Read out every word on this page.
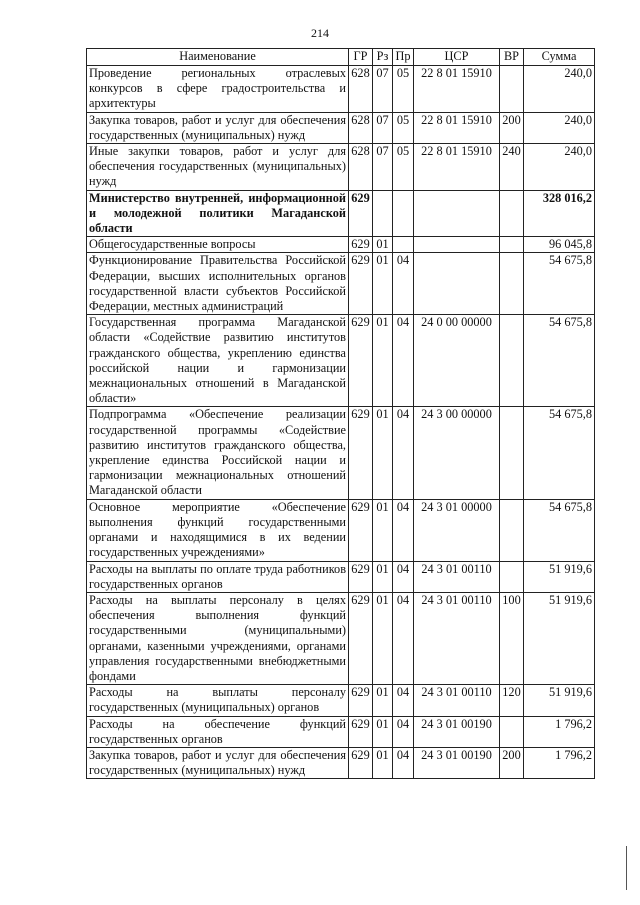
214
Наименование	ГР	Рз	Пр	ЦСР	ВР	Сумма
Проведение региональных отраслевых конкурсов в сфере градостроительства и архитектуры	628	07	05	22 8 01 15910		240,0
Закупка товаров, работ и услуг для обеспечения государственных (муниципальных) нужд	628	07	05	22 8 01 15910	200	240,0
Иные закупки товаров, работ и услуг для обеспечения государственных (муниципальных) нужд	628	07	05	22 8 01 15910	240	240,0
Министерство внутренней, информационной и молодежной политики Магаданской области	629					328 016,2
Общегосударственные вопросы	629	01				96 045,8
Функционирование Правительства Российской Федерации, высших исполнительных органов государственной власти субъектов Российской Федерации, местных администраций	629	01	04			54 675,8
Государственная программа Магаданской области «Содействие развитию институтов гражданского общества, укреплению единства российской нации и гармонизации межнациональных отношений в Магаданской области»	629	01	04	24 0 00 00000		54 675,8
Подпрограмма «Обеспечение реализации государственной программы «Содействие развитию институтов гражданского общества, укрепление единства Российской нации и гармонизации межнациональных отношений Магаданской области	629	01	04	24 3 00 00000		54 675,8
Основное мероприятие «Обеспечение выполнения функций государственными органами и находящимися в их ведении государственных учреждениями»	629	01	04	24 3 01 00000		54 675,8
Расходы на выплаты по оплате труда работников государственных органов	629	01	04	24 3 01 00110		51 919,6
Расходы на выплаты персоналу в целях обеспечения выполнения функций государственными (муниципальными) органами, казенными учреждениями, органами управления государственными внебюджетными фондами	629	01	04	24 3 01 00110	100	51 919,6
Расходы на выплаты персоналу государственных (муниципальных) органов	629	01	04	24 3 01 00110	120	51 919,6
Расходы на обеспечение функций государственных органов	629	01	04	24 3 01 00190		1 796,2
Закупка товаров, работ и услуг для обеспечения государственных (муниципальных) нужд	629	01	04	24 3 01 00190	200	1 796,2
